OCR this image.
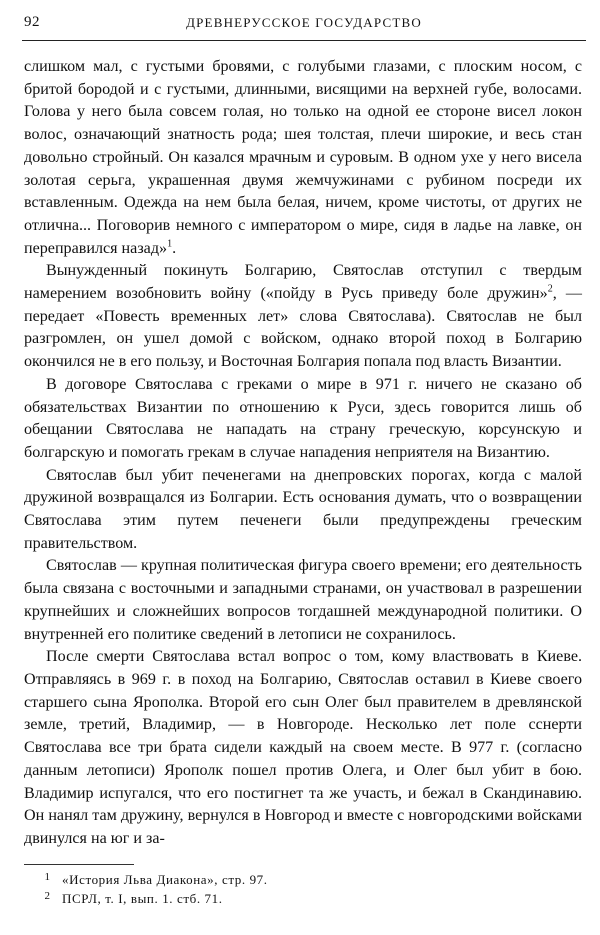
92	ДРЕВНЕРУССКОЕ ГОСУДАРСТВО

слишком мал, с густыми бровями, с голубыми глазами, с плоским носом, с бритой бородой и с густыми, длинными, висящими на верхней губе, волосами. Голова у него была совсем голая, но только на одной ее стороне висел локон волос, означающий знатность рода; шея толстая, плечи широкие, и весь стан довольно стройный. Он казался мрачным и суровым. В одном ухе у него висела золотая серьга, украшенная двумя жемчужинами с рубином посреди их вставленным. Одежда на нем была белая, ничем, кроме чистоты, от других не отлична... Поговорив немного с императором о мире, сидя в ладье на лавке, он переправился назад»$^1$.

Вынужденный покинуть Болгарию, Святослав отступил с твердым намерением возобновить войну («пойду в Русь приведу боле дружин»$^2$, — передает «Повесть временных лет» слова Святослава). Святослав не был разгромлен, он ушел домой с войском, однако второй поход в Болгарию окончился не в его пользу, и Восточная Болгария попала под власть Византии.

В договоре Святослава с греками о мире в 971 г. ничего не сказано об обязательствах Византии по отношению к Руси, здесь говорится лишь об обещании Святослава не нападать на страну греческую, корсунскую и болгарскую и помогать грекам в случае нападения неприятеля на Византию.

Святослав был убит печенегами на днепровских порогах, когда с малой дружиной возвращался из Болгарии. Есть основания думать, что о возвращении Святослава этим путем печенеги были предупреждены греческим правительством.

Святослав — крупная политическая фигура своего времени; его деятельность была связана с восточными и западными странами, он участвовал в разрешении крупнейших и сложнейших вопросов тогдашней международной политики. О внутренней его политике сведений в летописи не сохранилось.

После смерти Святослава встал вопрос о том, кому властвовать в Киеве. Отправляясь в 969 г. в поход на Болгарию, Святослав оставил в Киеве своего старшего сына Ярополка. Второй его сын Олег был правителем в древлянской земле, третий, Владимир, — в Новгороде. Несколько лет поле сснерти Святослава все три брата сидели каждый на своем месте. В 977 г. (согласно данным летописи) Ярополк пошел против Олега, и Олег был убит в бою. Владимир испугался, что его постигнет та же участь, и бежал в Скандинавию. Он нанял там дружину, вернулся в Новгород и вместе с новгородскими войсками двинулся на юг и за-

1 «История Льва Диакона», стр. 97.
2 ПСРЛ, т. I, вып. 1. стб. 71.
